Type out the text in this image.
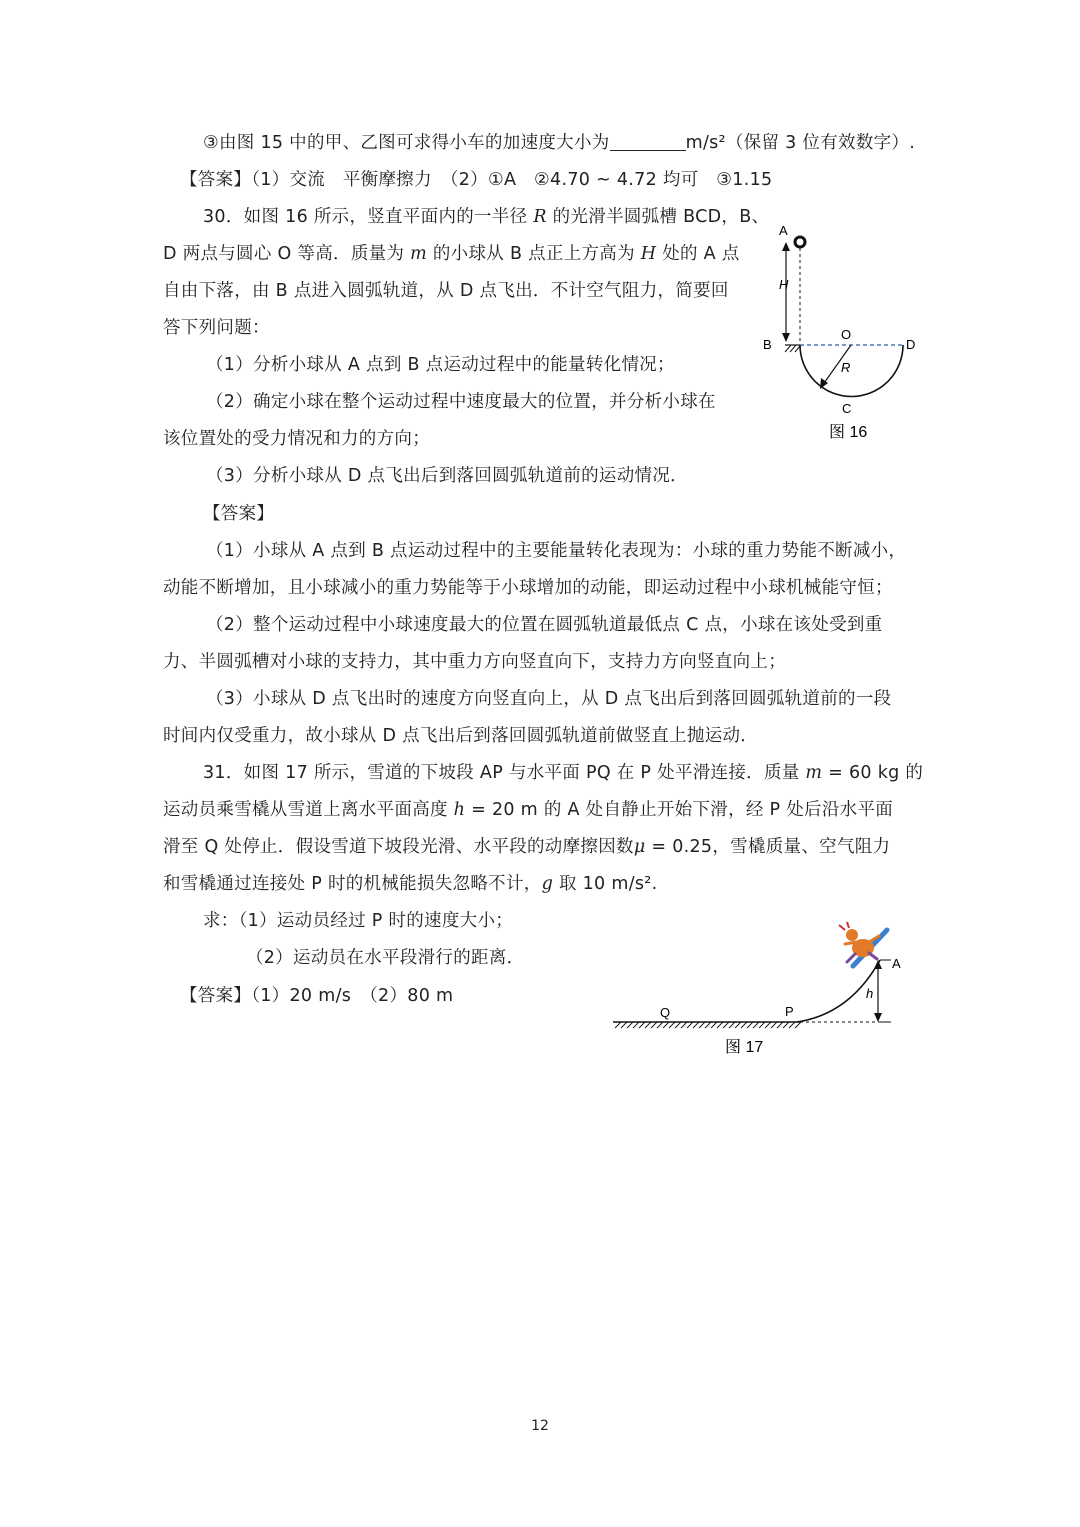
③由图 15 中的甲、乙图可求得小车的加速度大小为	m/s²（保留 3 位有效数字）.
【答案】（1）交流　平衡摩擦力　（2）①A　②4.70 ~ 4.72 均可　③1.15
30．如图 16 所示，竖直平面内的一半径 R 的光滑半圆弧槽 BCD，B、
D 两点与圆心 O 等高．质量为 m 的小球从 B 点正上方高为 H 处的 A 点
自由下落，由 B 点进入圆弧轨道，从 D 点飞出．不计空气阻力，简要回
答下列问题：
（1）分析小球从 A 点到 B 点运动过程中的能量转化情况；
（2）确定小球在整个运动过程中速度最大的位置，并分析小球在
该位置处的受力情况和力的方向；
（3）分析小球从 D 点飞出后到落回圆弧轨道前的运动情况．
【答案】
（1）小球从 A 点到 B 点运动过程中的主要能量转化表现为：小球的重力势能不断减小，
动能不断增加，且小球减小的重力势能等于小球增加的动能，即运动过程中小球机械能守恒；
（2）整个运动过程中小球速度最大的位置在圆弧轨道最低点 C 点，小球在该处受到重
力、半圆弧槽对小球的支持力，其中重力方向竖直向下，支持力方向竖直向上；
（3）小球从 D 点飞出时的速度方向竖直向上，从 D 点飞出后到落回圆弧轨道前的一段
时间内仅受重力，故小球从 D 点飞出后到落回圆弧轨道前做竖直上抛运动．
31．如图 17 所示，雪道的下坡段 AP 与水平面 PQ 在 P 处平滑连接．质量 m = 60 kg 的
运动员乘雪橇从雪道上离水平面高度 h = 20 m 的 A 处自静止开始下滑，经 P 处后沿水平面
滑至 Q 处停止．假设雪道下坡段光滑、水平段的动摩擦因数μ = 0.25，雪橇质量、空气阻力
和雪橇通过连接处 P 时的机械能损失忽略不计，g 取 10 m/s².
求：（1）运动员经过 P 时的速度大小；
（2）运动员在水平段滑行的距离．
【答案】（1）20 m/s　（2）80 m
A
H
B
O
D
R
C
图 16
Q	P
h
A
图 17
12
